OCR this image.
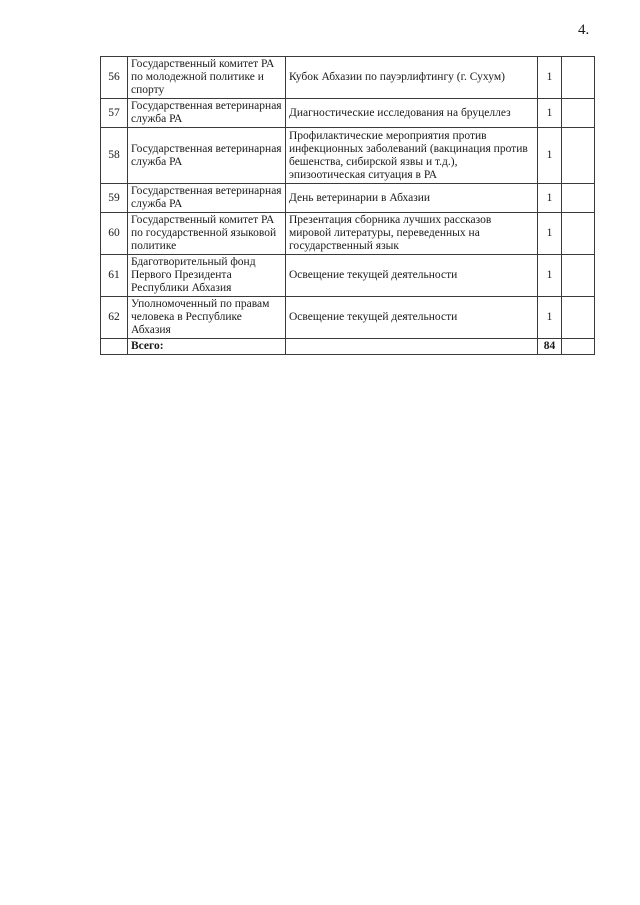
4.
56	Государственный комитет РА по молодежной политике и спорту	Кубок Абхазии по пауэрлифтингу (г. Сухум)	1	
57	Государственная ветеринарная служба РА	Диагностические исследования на бруцеллез	1	
58	Государственная ветеринарная служба РА	Профилактические мероприятия против инфекционных заболеваний (вакцинация против бешенства, сибирской язвы и т.д.), эпизоотическая ситуация в РА	1	
59	Государственная ветеринарная служба РА	День ветеринарии в Абхазии	1	
60	Государственный комитет РА по государственной языковой политике	Презентация сборника лучших рассказов мировой литературы, переведенных на государственный язык	1	
61	Бдаготворительный фонд Первого Президента Республики Абхазия	Освещение текущей деятельности	1	
62	Уполномоченный по правам человека в Республике Абхазия	Освещение текущей деятельности	1	
	Всего:		84	
